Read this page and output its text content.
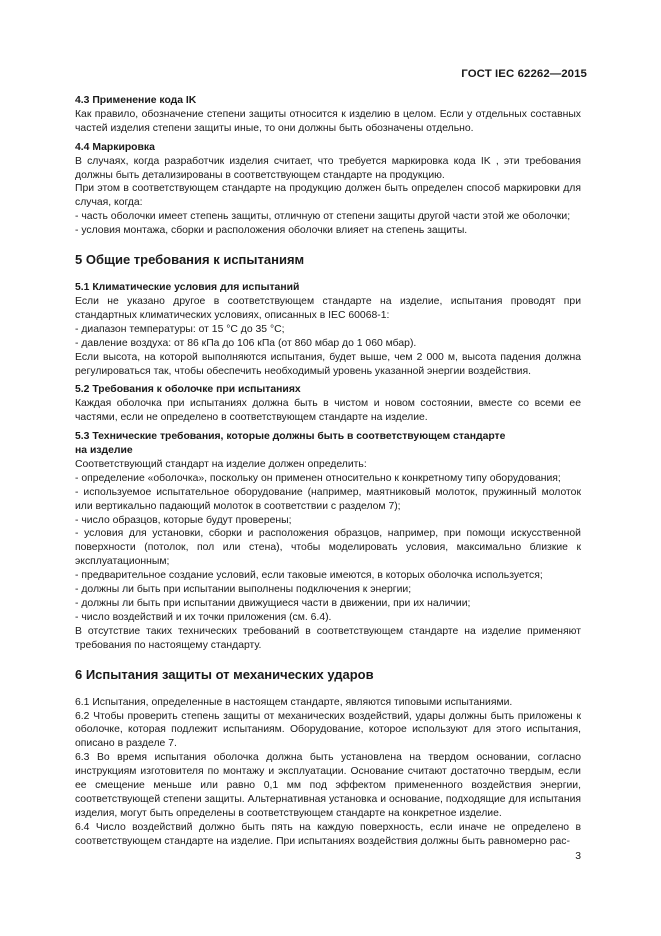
ГОСТ IEC 62262—2015

4.3 Применение кода IK

Как правило, обозначение степени защиты относится к изделию в целом. Если у отдельных составных частей изделия степени защиты иные, то они должны быть обозначены отдельно.

4.4 Маркировка

В случаях, когда разработчик изделия считает, что требуется маркировка кода IK , эти требования должны быть детализированы в соответствующем стандарте на продукцию.

При этом в соответствующем стандарте на продукцию должен быть определен способ маркировки для случая, когда:

- часть оболочки имеет степень защиты, отличную от степени защиты другой части этой же оболочки;

- условия монтажа, сборки и расположения оболочки влияет на степень защиты.

5 Общие требования к испытаниям

5.1 Климатические условия для испытаний

Если не указано другое в соответствующем стандарте на изделие, испытания проводят при стандартных климатических условиях, описанных в IEC 60068-1:

- диапазон температуры: от 15 °C до 35 °C;

- давление воздуха: от 86 кПа до 106 кПа (от 860 мбар до 1 060 мбар).

Если высота, на которой выполняются испытания, будет выше, чем 2 000 м, высота падения должна регулироваться так, чтобы обеспечить необходимый уровень указанной энергии воздействия.

5.2 Требования к оболочке при испытаниях

Каждая оболочка при испытаниях должна быть в чистом и новом состоянии, вместе со всеми ее частями, если не определено в соответствующем стандарте на изделие.

5.3 Технические требования, которые должны быть в соответствующем стандарте
на изделие

Соответствующий стандарт на изделие должен определить:

- определение «оболочка», поскольку он применен относительно к конкретному типу оборудования;

- используемое испытательное оборудование (например, маятниковый молоток, пружинный молоток или вертикально падающий молоток в соответствии с разделом 7);

- число образцов, которые будут проверены;

- условия для установки, сборки и расположения образцов, например, при помощи искусственной поверхности (потолок, пол или стена), чтобы моделировать условия, максимально близкие к эксплуатационным;

- предварительное создание условий, если таковые имеются, в которых оболочка используется;

- должны ли быть при испытании выполнены подключения к энергии;

- должны ли быть при испытании движущиеся части в движении, при их наличии;

- число воздействий и их точки приложения (см. 6.4).

В отсутствие таких технических требований в соответствующем стандарте на изделие применяют требования по настоящему стандарту.

6 Испытания защиты от механических ударов

6.1 Испытания, определенные в настоящем стандарте, являются типовыми испытаниями.

6.2 Чтобы проверить степень защиты от механических воздействий, удары должны быть приложены к оболочке, которая подлежит испытаниям. Оборудование, которое используют для этого испытания, описано в разделе 7.

6.3 Во время испытания оболочка должна быть установлена на твердом основании, согласно инструкциям изготовителя по монтажу и эксплуатации. Основание считают достаточно твердым, если ее смещение меньше или равно 0,1 мм под эффектом примененного воздействия энергии, соответствующей степени защиты. Альтернативная установка и основание, подходящие для испытания изделия, могут быть определены в соответствующем стандарте на конкретное изделие.

6.4 Число воздействий должно быть пять на каждую поверхность, если иначе не определено в соответствующем стандарте на изделие. При испытаниях воздействия должны быть равномерно рас-

3
